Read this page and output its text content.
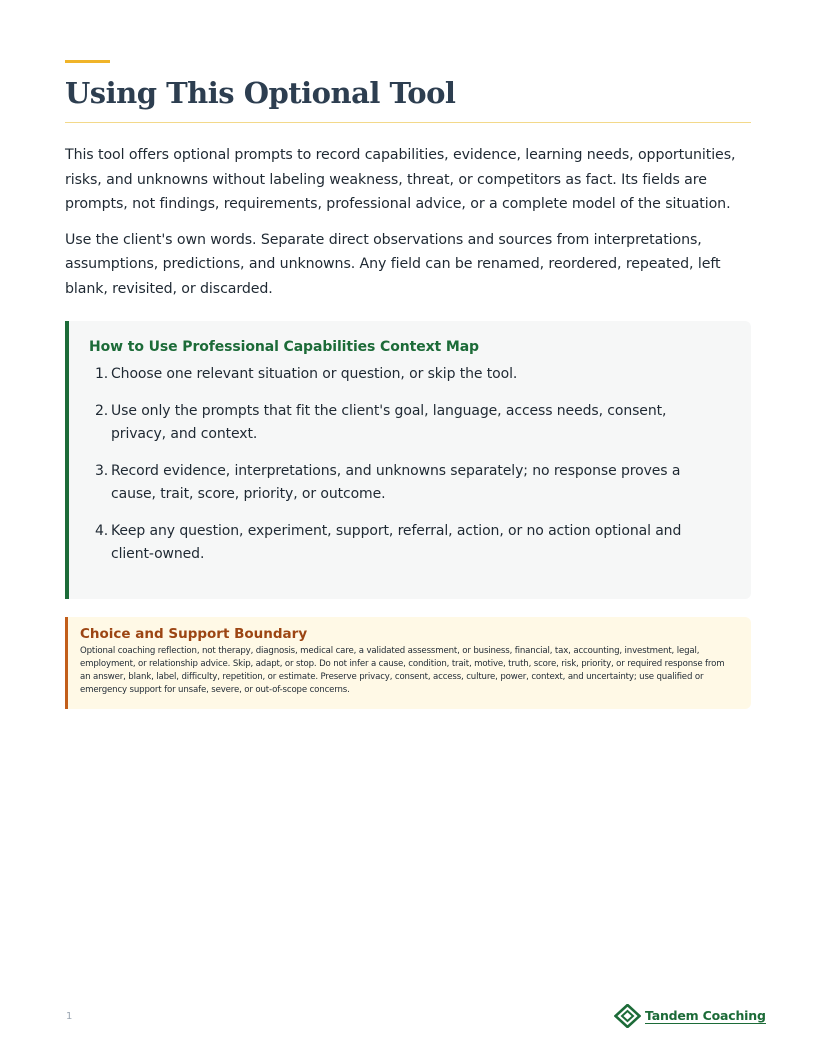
Using This Optional Tool

This tool offers optional prompts to record capabilities, evidence, learning needs, opportunities, risks, and unknowns without labeling weakness, threat, or competitors as fact. Its fields are prompts, not findings, requirements, professional advice, or a complete model of the situation.

Use the client's own words. Separate direct observations and sources from interpretations, assumptions, predictions, and unknowns. Any field can be renamed, reordered, repeated, left blank, revisited, or discarded.

How to Use Professional Capabilities Context Map
1. Choose one relevant situation or question, or skip the tool.
2. Use only the prompts that fit the client's goal, language, access needs, consent, privacy, and context.
3. Record evidence, interpretations, and unknowns separately; no response proves a cause, trait, score, priority, or outcome.
4. Keep any question, experiment, support, referral, action, or no action optional and client-owned.
Choice and Support Boundary

Optional coaching reflection, not therapy, diagnosis, medical care, a validated assessment, or business, financial, tax, accounting, investment, legal, employment, or relationship advice. Skip, adapt, or stop. Do not infer a cause, condition, trait, motive, truth, score, risk, priority, or required response from an answer, blank, label, difficulty, repetition, or estimate. Preserve privacy, consent, access, culture, power, context, and uncertainty; use qualified or emergency support for unsafe, severe, or out-of-scope concerns.

1	Tandem Coaching
